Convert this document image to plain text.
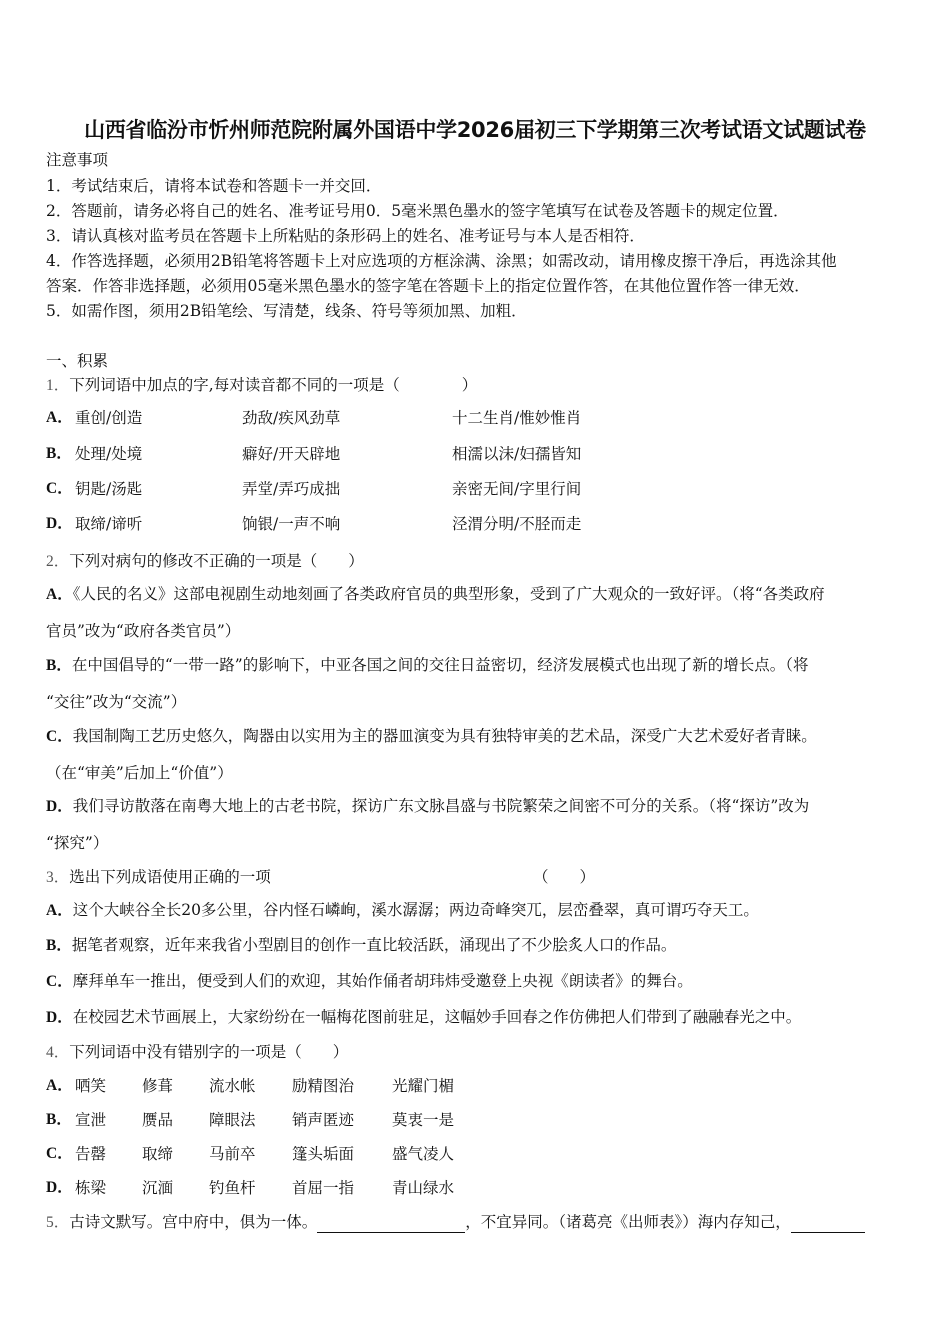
山西省临汾市忻州师范院附属外国语中学2026届初三下学期第三次考试语文试题试卷
注意事项
1．考试结束后，请将本试卷和答题卡一并交回．
2．答题前，请务必将自己的姓名、准考证号用0．5毫米黑色墨水的签字笔填写在试卷及答题卡的规定位置．
3．请认真核对监考员在答题卡上所粘贴的条形码上的姓名、准考证号与本人是否相符．
4．作答选择题，必须用2B铅笔将答题卡上对应选项的方框涂满、涂黑；如需改动，请用橡皮擦干净后，再选涂其他
答案．作答非选择题，必须用05毫米黑色墨水的签字笔在答题卡上的指定位置作答，在其他位置作答一律无效．
5．如需作图，须用2B铅笔绘、写清楚，线条、符号等须加黑、加粗．
一、积累
1．下列词语中加点的字,每对读音都不同的一项是（　　　　）
A． 重创/创造	劲敌/疾风劲草	十二生肖/惟妙惟肖
B． 处理/处境	癖好/开天辟地	相濡以沫/妇孺皆知
C． 钥匙/汤匙	弄堂/弄巧成拙	亲密无间/字里行间
D． 取缔/谛听	饷银/一声不响	泾渭分明/不胫而走
2．下列对病句的修改不正确的一项是（　　）
A．《人民的名义》这部电视剧生动地刻画了各类政府官员的典型形象，受到了广大观众的一致好评。（将“各类政府
官员”改为“政府各类官员”）
B．在中国倡导的“一带一路”的影响下，中亚各国之间的交往日益密切，经济发展模式也出现了新的增长点。（将
“交往”改为“交流”）
C．我国制陶工艺历史悠久，陶器由以实用为主的器皿演变为具有独特审美的艺术品，深受广大艺术爱好者青睐。
（在“审美”后加上“价值”）
D．我们寻访散落在南粤大地上的古老书院，探访广东文脉昌盛与书院繁荣之间密不可分的关系。（将“探访”改为
“探究”）
3．选出下列成语使用正确的一项	（　　）
A．这个大峡谷全长20多公里，谷内怪石嶙峋，溪水潺潺；两边奇峰突兀，层峦叠翠，真可谓巧夺天工。
B．据笔者观察，近年来我省小型剧目的创作一直比较活跃，涌现出了不少脍炙人口的作品。
C．摩拜单车一推出，便受到人们的欢迎，其始作俑者胡玮炜受邀登上央视《朗读者》的舞台。
D．在校园艺术节画展上，大家纷纷在一幅梅花图前驻足，这幅妙手回春之作仿佛把人们带到了融融春光之中。
4．下列词语中没有错别字的一项是（　　）
A． 哂笑 修葺 流水帐 励精图治 光耀门楣
B． 宣泄 赝品 障眼法 销声匿迹 莫衷一是
C． 告罄 取缔 马前卒 篷头垢面 盛气凌人
D． 栋梁 沉湎 钓鱼杆 首屈一指 青山绿水
5．古诗文默写。宫中府中，俱为一体。	，不宜异同。（诸葛亮《出师表》）海内存知己，
